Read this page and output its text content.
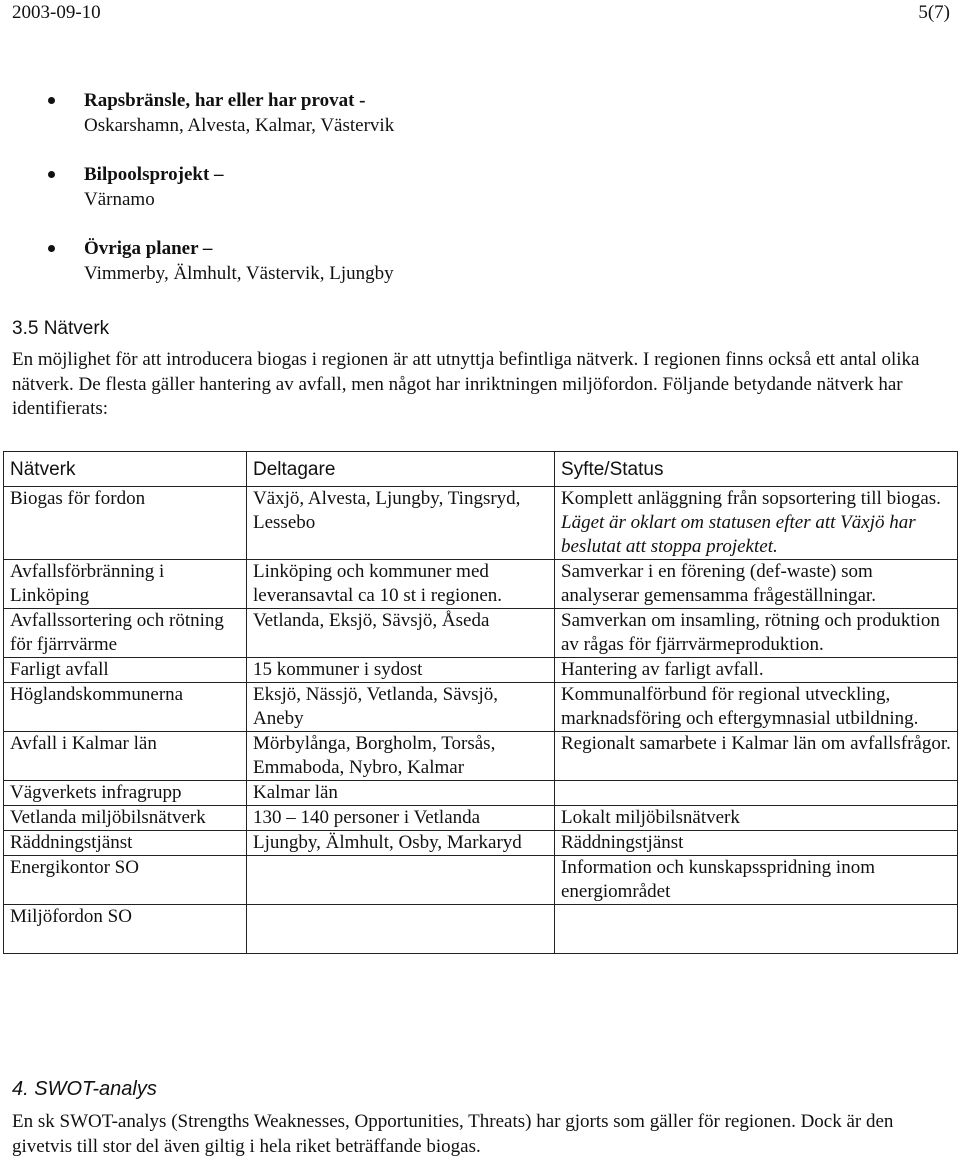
2003-09-10	5(7)
Rapsbränsle, har eller har provat -
Oskarshamn, Alvesta, Kalmar, Västervik
Bilpoolsprojekt –
Värnamo
Övriga planer –
Vimmerby, Älmhult, Västervik, Ljungby
3.5 Nätverk
En möjlighet för att introducera biogas i regionen är att utnyttja befintliga nätverk. I regionen finns också ett antal olika nätverk. De flesta gäller hantering av avfall, men något har inriktningen miljöfordon. Följande betydande nätverk har identifierats:
Nätverk	Deltagare	Syfte/Status
Biogas för fordon	Växjö, Alvesta, Ljungby, Tingsryd, Lessebo	Komplett anläggning från sopsortering till biogas. Läget är oklart om statusen efter att Växjö har beslutat att stoppa projektet.
Avfallsförbränning i Linköping	Linköping och kommuner med leveransavtal ca 10 st i regionen.	Samverkar i en förening (def-waste) som analyserar gemensamma frågeställningar.
Avfallssortering och rötning för fjärrvärme	Vetlanda, Eksjö, Sävsjö, Åseda	Samverkan om insamling, rötning och produktion av rågas för fjärrvärmeproduktion.
Farligt avfall	15 kommuner i sydost	Hantering av farligt avfall.
Höglandskommunerna	Eksjö, Nässjö, Vetlanda, Sävsjö, Aneby	Kommunalförbund för regional utveckling, marknadsföring och eftergymnasial utbildning.
Avfall i Kalmar län	Mörbylånga, Borgholm, Torsås, Emmaboda, Nybro, Kalmar	Regionalt samarbete i Kalmar län om avfallsfrågor.
Vägverkets infragrupp	Kalmar län	
Vetlanda miljöbilsnätverk	130 – 140 personer i Vetlanda	Lokalt miljöbilsnätverk
Räddningstjänst	Ljungby, Älmhult, Osby, Markaryd	Räddningstjänst
Energikontor SO		Information och kunskapsspridning inom energiområdet
Miljöfordon SO		
4. SWOT-analys
En sk SWOT-analys (Strengths Weaknesses, Opportunities, Threats) har gjorts som gäller för regionen. Dock är den givetvis till stor del även giltig i hela riket beträffande biogas.
